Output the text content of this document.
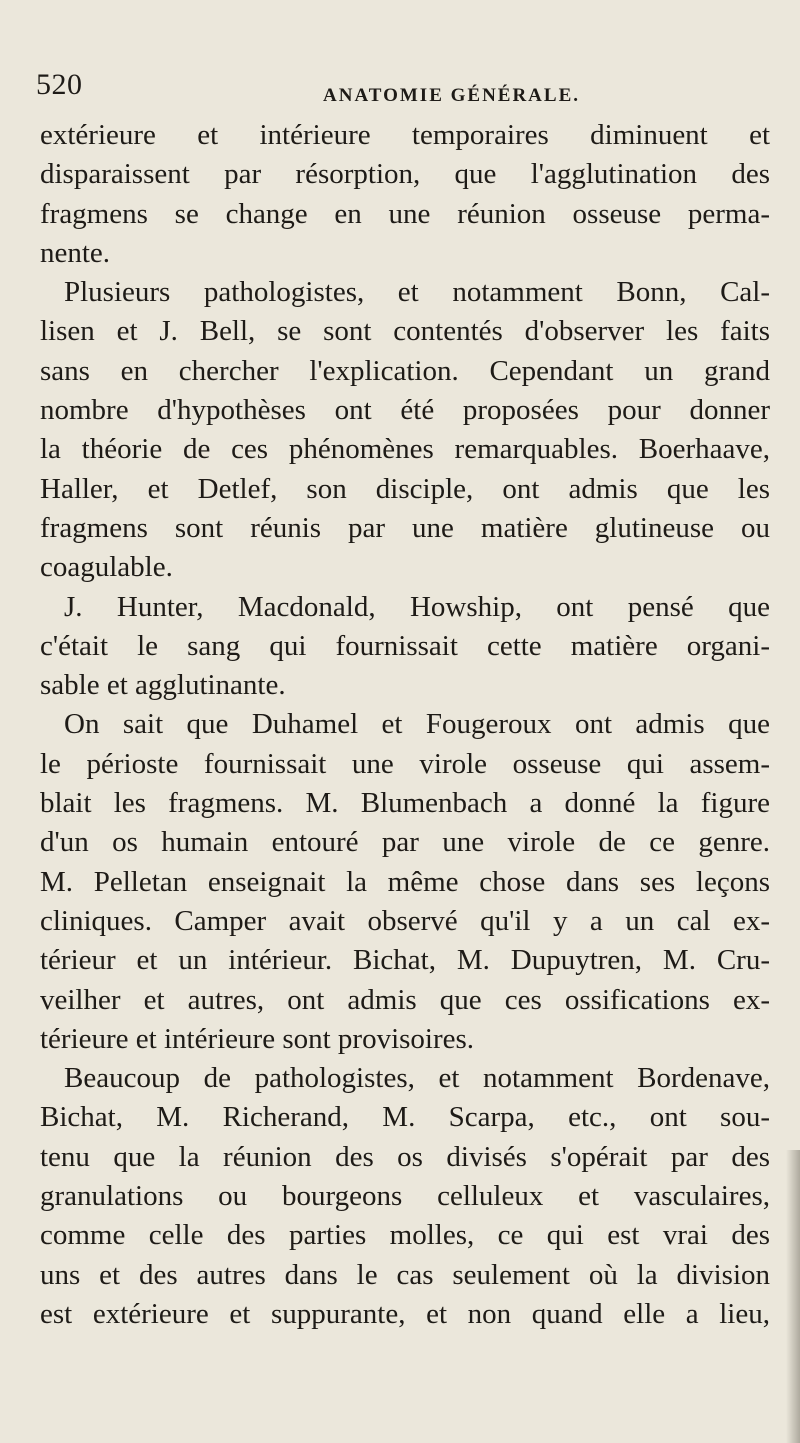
520	ANATOMIE GÉNÉRALE.
extérieure et intérieure temporaires diminuent et
disparaissent par résorption, que l'agglutination des
fragmens se change en une réunion osseuse perma-
nente.
Plusieurs pathologistes, et notamment Bonn, Cal-
lisen et J. Bell, se sont contentés d'observer les faits
sans en chercher l'explication. Cependant un grand
nombre d'hypothèses ont été proposées pour donner
la théorie de ces phénomènes remarquables. Boerhaave,
Haller, et Detlef, son disciple, ont admis que les
fragmens sont réunis par une matière glutineuse ou
coagulable.
J. Hunter, Macdonald, Howship, ont pensé que
c'était le sang qui fournissait cette matière organi-
sable et agglutinante.
On sait que Duhamel et Fougeroux ont admis que
le périoste fournissait une virole osseuse qui assem-
blait les fragmens. M. Blumenbach a donné la figure
d'un os humain entouré par une virole de ce genre.
M. Pelletan enseignait la même chose dans ses leçons
cliniques. Camper avait observé qu'il y a un cal ex-
térieur et un intérieur. Bichat, M. Dupuytren, M. Cru-
veilher et autres, ont admis que ces ossifications ex-
térieure et intérieure sont provisoires.
Beaucoup de pathologistes, et notamment Bordenave,
Bichat, M. Richerand, M. Scarpa, etc., ont sou-
tenu que la réunion des os divisés s'opérait par des
granulations ou bourgeons celluleux et vasculaires,
comme celle des parties molles, ce qui est vrai des
uns et des autres dans le cas seulement où la division
est extérieure et suppurante, et non quand elle a lieu,
